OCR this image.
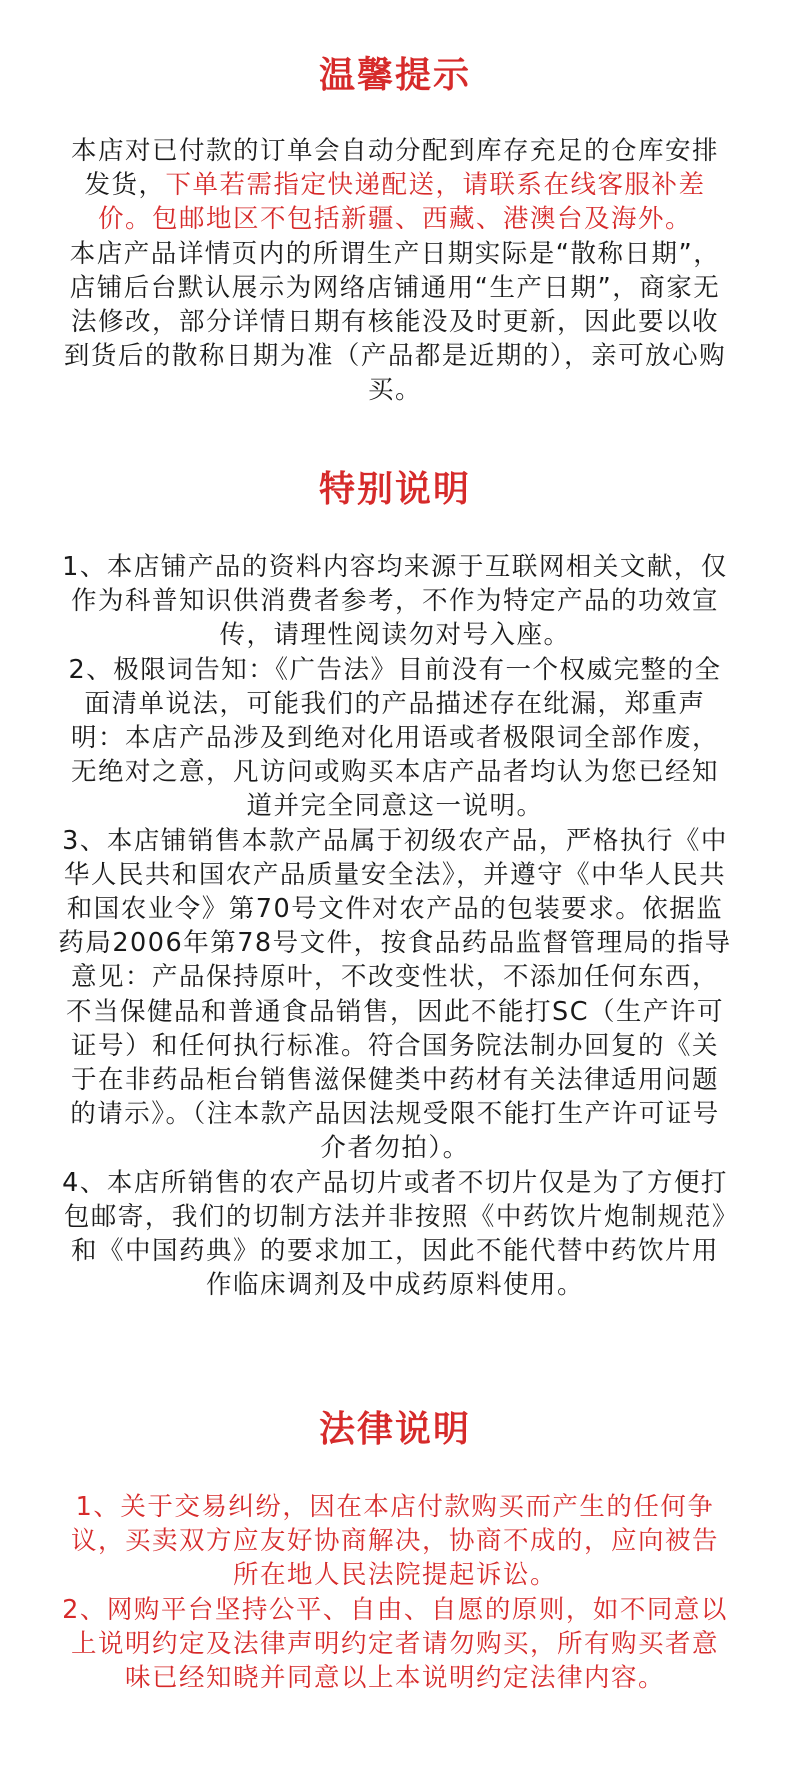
温馨提示

本店对已付款的订单会自动分配到库存充足的仓库安排发货，下单若需指定快递配送，请联系在线客服补差价。包邮地区不包括新疆、西藏、港澳台及海外。

本店产品详情页内的所谓生产日期实际是“散称日期”，店铺后台默认展示为网络店铺通用“生产日期”，商家无法修改，部分详情日期有核能没及时更新，因此要以收到货后的散称日期为准（产品都是近期的），亲可放心购买。

特别说明

1、本店铺产品的资料内容均来源于互联网相关文献，仅作为科普知识供消费者参考，不作为特定产品的功效宣传，请理性阅读勿对号入座。

2、极限词告知：《广告法》目前没有一个权威完整的全面清单说法，可能我们的产品描述存在纰漏，郑重声明：本店产品涉及到绝对化用语或者极限词全部作废，无绝对之意，凡访问或购买本店产品者均认为您已经知道并完全同意这一说明。

3、本店铺销售本款产品属于初级农产品，严格执行《中华人民共和国农产品质量安全法》，并遵守《中华人民共和国农业令》第70号文件对农产品的包装要求。依据监药局2006年第78号文件，按食品药品监督管理局的指导意见：产品保持原叶，不改变性状，不添加任何东西，不当保健品和普通食品销售，因此不能打SC（生产许可证号）和任何执行标准。符合国务院法制办回复的《关于在非药品柜台销售滋保健类中药材有关法律适用问题的请示》。（注本款产品因法规受限不能打生产许可证号介者勿拍）。

4、本店所销售的农产品切片或者不切片仅是为了方便打包邮寄，我们的切制方法并非按照《中药饮片炮制规范》和《中国药典》的要求加工，因此不能代替中药饮片用作临床调剂及中成药原料使用。

法律说明

1、关于交易纠纷，因在本店付款购买而产生的任何争议，买卖双方应友好协商解决，协商不成的，应向被告所在地人民法院提起诉讼。

2、网购平台坚持公平、自由、自愿的原则，如不同意以上说明约定及法律声明约定者请勿购买，所有购买者意味已经知晓并同意以上本说明约定法律内容。
